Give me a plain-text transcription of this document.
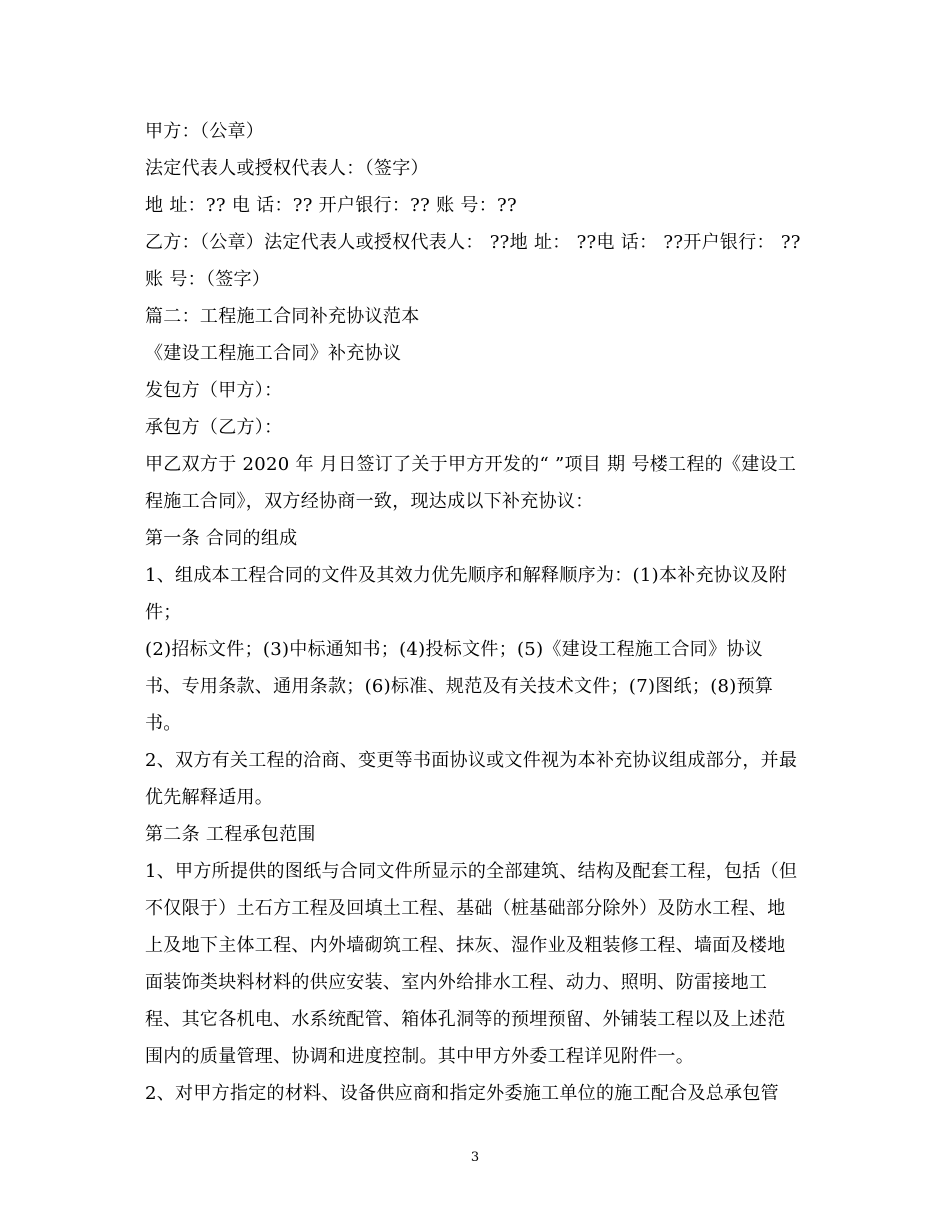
甲方：（公章）
法定代表人或授权代表人：（签字）
地 址：?? 电 话：?? 开户银行：?? 账 号：??
乙方：（公章）法定代表人或授权代表人： ??地 址： ??电 话： ??开户银行： ??
账 号：（签字）
篇二：工程施工合同补充协议范本
《建设工程施工合同》补充协议
发包方（甲方）：
承包方（乙方）：
甲乙双方于 2020 年 月日签订了关于甲方开发的“ ”项目 期 号楼工程的《建设工
程施工合同》，双方经协商一致，现达成以下补充协议：
第一条 合同的组成
1、组成本工程合同的文件及其效力优先顺序和解释顺序为：(1)本补充协议及附
件；
(2)招标文件；(3)中标通知书；(4)投标文件；(5)《建设工程施工合同》协议
书、专用条款、通用条款；(6)标准、规范及有关技术文件；(7)图纸；(8)预算
书。
2、双方有关工程的洽商、变更等书面协议或文件视为本补充协议组成部分，并最
优先解释适用。
第二条 工程承包范围
1、甲方所提供的图纸与合同文件所显示的全部建筑、结构及配套工程，包括（但
不仅限于）土石方工程及回填土工程、基础（桩基础部分除外）及防水工程、地
上及地下主体工程、内外墙砌筑工程、抹灰、湿作业及粗装修工程、墙面及楼地
面装饰类块料材料的供应安装、室内外给排水工程、动力、照明、防雷接地工
程、其它各机电、水系统配管、箱体孔洞等的预埋预留、外铺装工程以及上述范
围内的质量管理、协调和进度控制。其中甲方外委工程详见附件一。
2、对甲方指定的材料、设备供应商和指定外委施工单位的施工配合及总承包管
3
